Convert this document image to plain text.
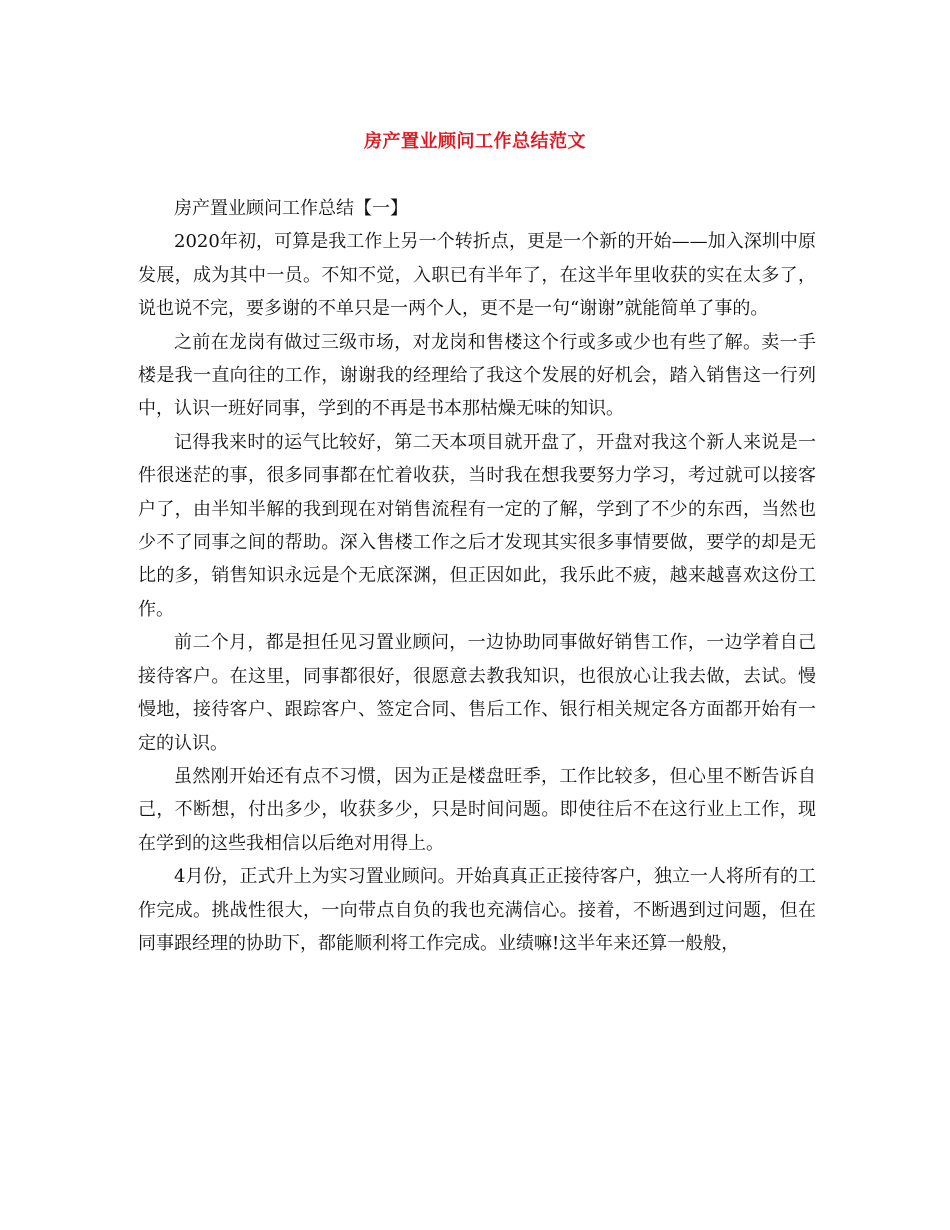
房产置业顾问工作总结范文

房产置业顾问工作总结【一】

2020年初，可算是我工作上另一个转折点，更是一个新的开始——加入深圳中原发展，成为其中一员。不知不觉，入职已有半年了，在这半年里收获的实在太多了，说也说不完，要多谢的不单只是一两个人，更不是一句“谢谢”就能简单了事的。

之前在龙岗有做过三级市场，对龙岗和售楼这个行或多或少也有些了解。卖一手楼是我一直向往的工作，谢谢我的经理给了我这个发展的好机会，踏入销售这一行列中，认识一班好同事，学到的不再是书本那枯燥无味的知识。

记得我来时的运气比较好，第二天本项目就开盘了，开盘对我这个新人来说是一件很迷茫的事，很多同事都在忙着收获，当时我在想我要努力学习，考过就可以接客户了，由半知半解的我到现在对销售流程有一定的了解，学到了不少的东西，当然也少不了同事之间的帮助。深入售楼工作之后才发现其实很多事情要做，要学的却是无比的多，销售知识永远是个无底深渊，但正因如此，我乐此不疲，越来越喜欢这份工作。

前二个月，都是担任见习置业顾问，一边协助同事做好销售工作，一边学着自己接待客户。在这里，同事都很好，很愿意去教我知识，也很放心让我去做，去试。慢慢地，接待客户、跟踪客户、签定合同、售后工作、银行相关规定各方面都开始有一定的认识。

虽然刚开始还有点不习惯，因为正是楼盘旺季，工作比较多，但心里不断告诉自己，不断想，付出多少，收获多少，只是时间问题。即使往后不在这行业上工作，现在学到的这些我相信以后绝对用得上。

4月份，正式升上为实习置业顾问。开始真真正正接待客户，独立一人将所有的工作完成。挑战性很大，一向带点自负的我也充满信心。接着，不断遇到过问题，但在同事跟经理的协助下，都能顺利将工作完成。业绩嘛!这半年来还算一般般，
